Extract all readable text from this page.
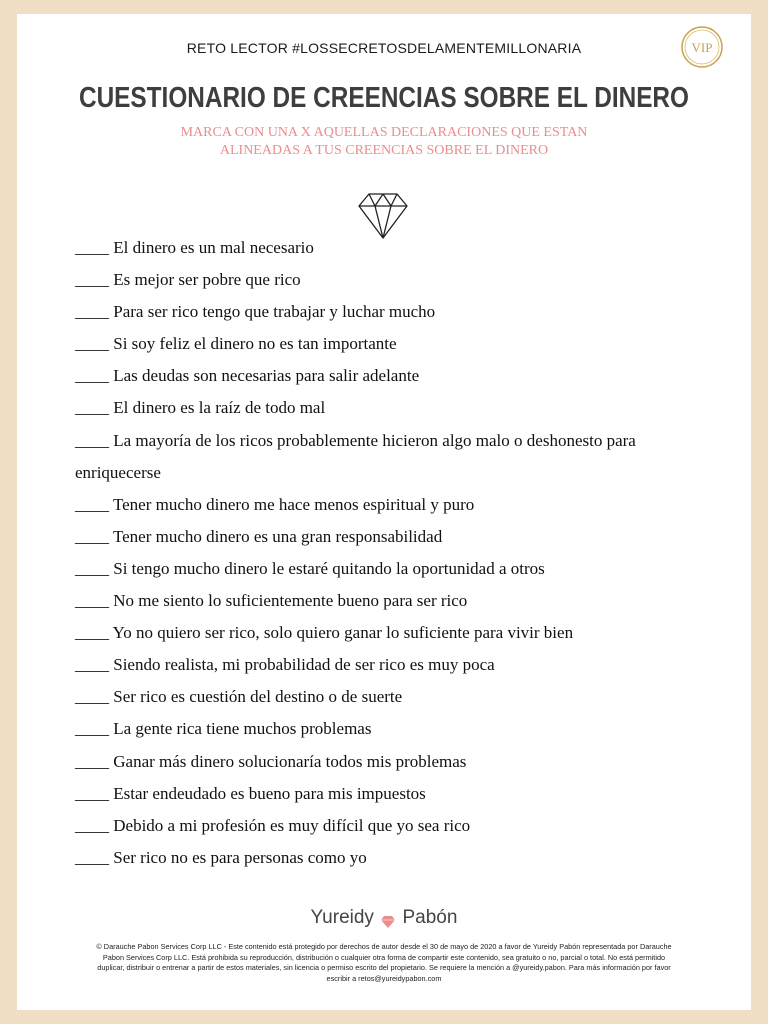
RETO LECTOR #LOSSECRETOSDELAMENTEMILLONARIA	VIP
CUESTIONARIO DE CREENCIAS SOBRE EL DINERO
MARCA CON UNA X AQUELLAS DECLARACIONES QUE ESTAN
ALINEADAS A TUS CREENCIAS SOBRE EL DINERO
____ El dinero es un mal necesario
____ Es mejor ser pobre que rico
____ Para ser rico tengo que trabajar y luchar mucho
____ Si soy feliz el dinero no es tan importante
____ Las deudas son necesarias para salir adelante
____ El dinero es la raíz de todo mal
____ La mayoría de los ricos probablemente hicieron algo malo o deshonesto para
enriquecerse
____ Tener mucho dinero me hace menos espiritual y puro
____ Tener mucho dinero es una gran responsabilidad
____ Si tengo mucho dinero le estaré quitando la oportunidad a otros
____ No me siento lo suficientemente bueno para ser rico
____ Yo no quiero ser rico, solo quiero ganar lo suficiente para vivir bien
____ Siendo realista, mi probabilidad de ser rico es muy poca
____ Ser rico es cuestión del destino o de suerte
____ La gente rica tiene muchos problemas
____ Ganar más dinero solucionaría todos mis problemas
____ Estar endeudado es bueno para mis impuestos
____ Debido a mi profesión es muy difícil que yo sea rico
____ Ser rico no es para personas como yo
Yureidy Pabón
© Darauche Pabon Services Corp LLC - Este contenido está protegido por derechos de autor desde el 30 de mayo de 2020 a favor de Yureidy Pabón representada por Darauche
Pabon Services Corp LLC. Está prohibida su reproducción, distribución o cualquier otra forma de compartir este contenido, sea gratuito o no, parcial o total. No está permitido
duplicar, distribuir o entrenar a partir de estos materiales, sin licencia o permiso escrito del propietario. Se requiere la mención a @yureidy.pabon. Para más información por favor
escribir a retos@yureidypabon.com
